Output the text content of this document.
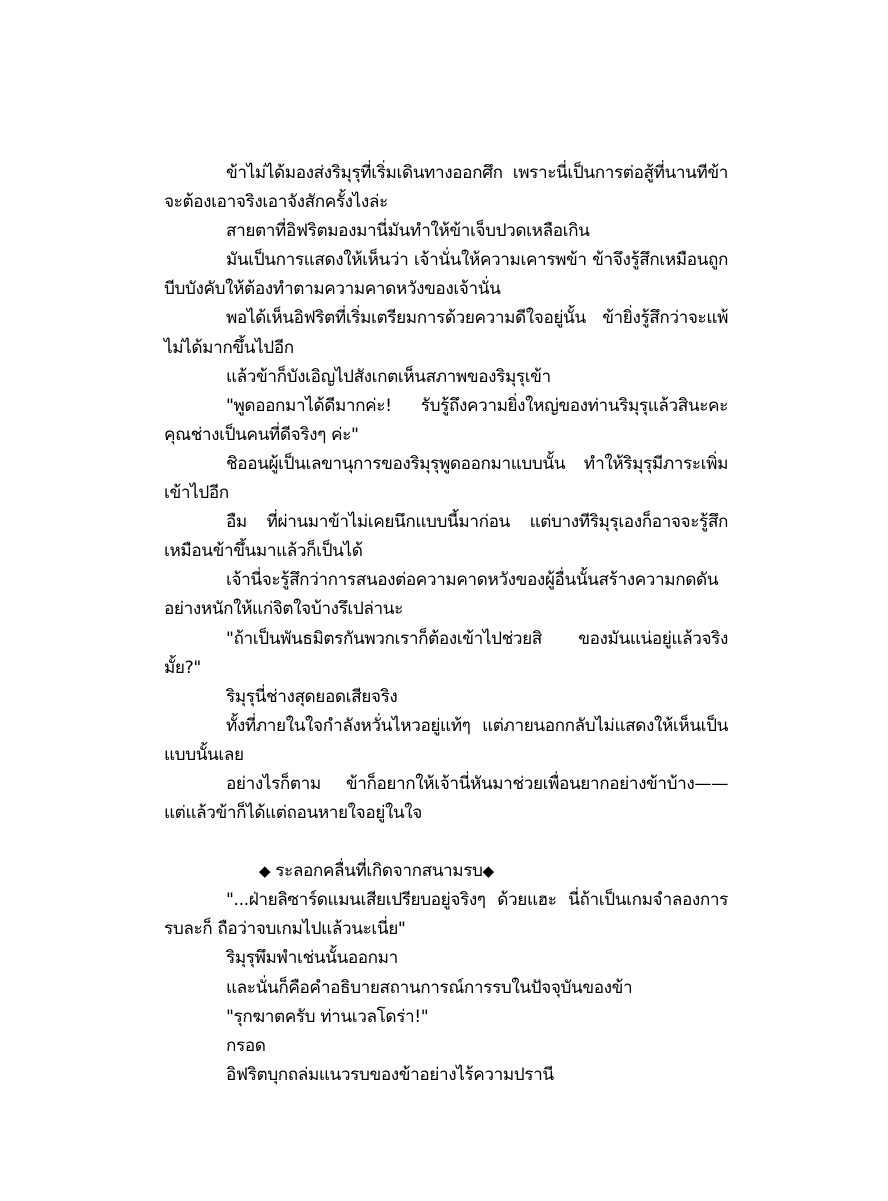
ข้าไม่ได้มองส่งริมุรุที่เริ่มเดินทางออกศึก เพราะนี่เป็นการต่อสู้ที่นานทีข้าจะต้องเอาจริงเอาจังสักครั้งไงล่ะ

สายตาที่อิฟริตมองมานี่มันทำให้ข้าเจ็บปวดเหลือเกิน

มันเป็นการแสดงให้เห็นว่า เจ้านั่นให้ความเคารพข้า ข้าจึงรู้สึกเหมือนถูกบีบบังคับให้ต้องทำตามความคาดหวังของเจ้านั่น

พอได้เห็นอิฟริตที่เริ่มเตรียมการด้วยความดีใจอยู่นั้น ข้ายิ่งรู้สึกว่าจะแพ้ไม่ได้มากขึ้นไปอีก

แล้วข้าก็บังเอิญไปสังเกตเห็นสภาพของริมุรุเข้า

"พูดออกมาได้ดีมากค่ะ! รับรู้ถึงความยิ่งใหญ่ของท่านริมุรุแล้วสินะคะ คุณช่างเป็นคนที่ดีจริงๆ ค่ะ"

ชิออนผู้เป็นเลขานุการของริมุรุพูดออกมาแบบนั้น ทำให้ริมุรุมีภาระเพิ่มเข้าไปอีก

อืม ที่ผ่านมาข้าไม่เคยนึกแบบนี้มาก่อน แต่บางทีริมุรุเองก็อาจจะรู้สึกเหมือนข้าขึ้นมาแล้วก็เป็นได้

เจ้านี่จะรู้สึกว่าการสนองต่อความคาดหวังของผู้อื่นนั้นสร้างความกดดันอย่างหนักให้แก่จิตใจบ้างรึเปล่านะ

"ถ้าเป็นพันธมิตรกันพวกเราก็ต้องเข้าไปช่วยสิ ของมันแน่อยู่แล้วจริงมั้ย?"

ริมุรุนี่ช่างสุดยอดเสียจริง

ทั้งที่ภายในใจกำลังหวั่นไหวอยู่แท้ๆ แต่ภายนอกกลับไม่แสดงให้เห็นเป็นแบบนั้นเลย

อย่างไรก็ตาม ข้าก็อยากให้เจ้านี่หันมาช่วยเพื่อนยากอย่างข้าบ้าง——แต่แล้วข้าก็ได้แต่ถอนหายใจอยู่ในใจ

◆ ระลอกคลื่นที่เกิดจากสนามรบ◆

"...ฝ่ายลิซาร์ดแมนเสียเปรียบอยู่จริงๆ ด้วยแฮะ นี่ถ้าเป็นเกมจำลองการรบละก็ ถือว่าจบเกมไปแล้วนะเนี่ย"

ริมุรุพึมพำเช่นนั้นออกมา

และนั่นก็คือคำอธิบายสถานการณ์การรบในปัจจุบันของข้า

"รุกฆาตครับ ท่านเวลโดร่า!"

กรอด

อิฟริตบุกถล่มแนวรบของข้าอย่างไร้ความปรานี
